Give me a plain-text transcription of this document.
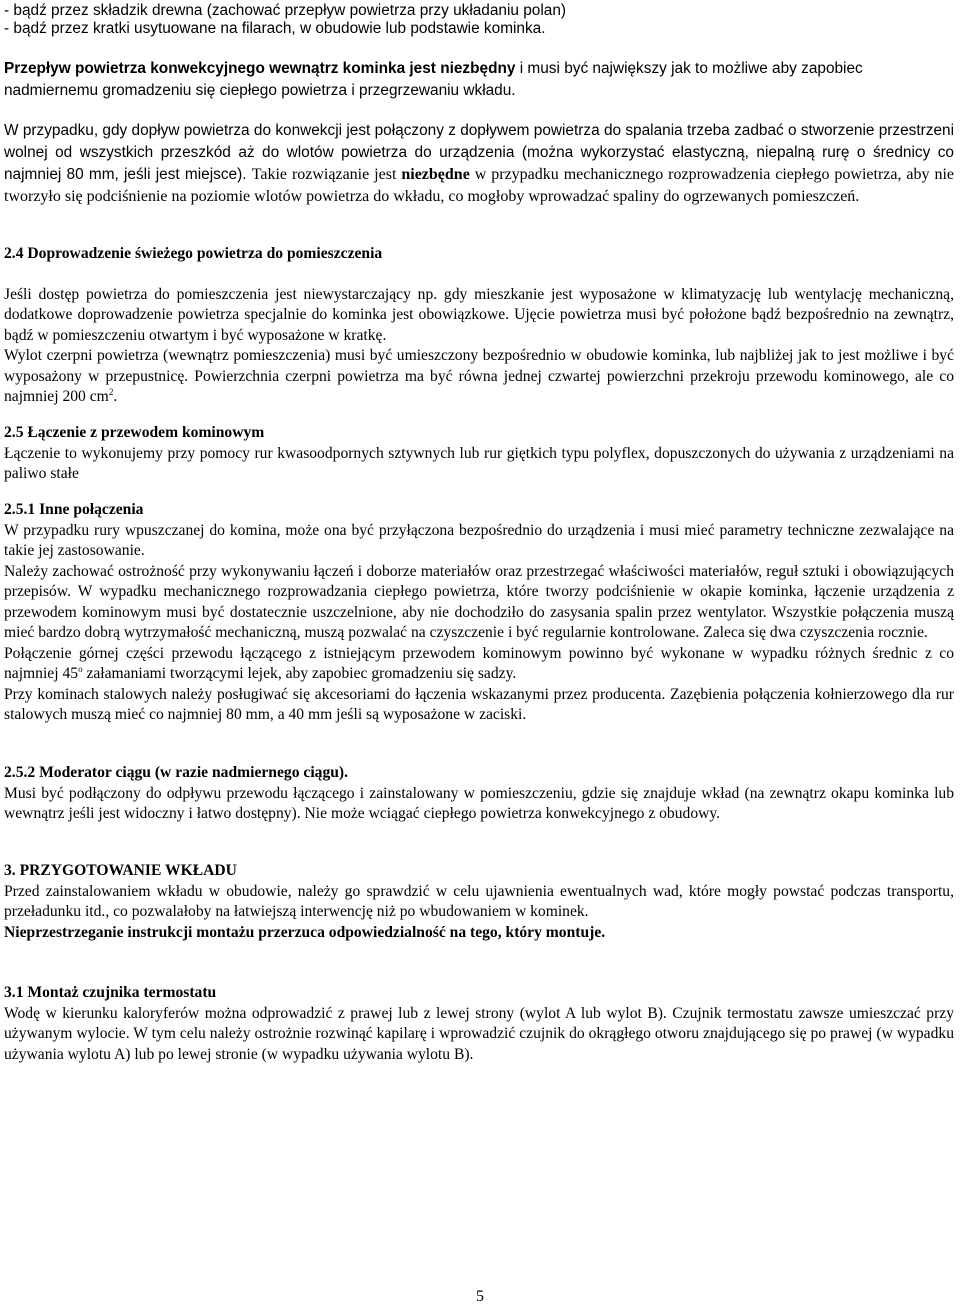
- bądź przez składzik drewna (zachować przepływ powietrza przy układaniu polan)

- bądź przez kratki usytuowane na filarach, w obudowie lub podstawie kominka.

Przepływ powietrza konwekcyjnego wewnątrz kominka jest niezbędny i musi być największy jak to możliwe aby zapobiec nadmiernemu gromadzeniu się ciepłego powietrza i przegrzewaniu wkładu.

W przypadku, gdy dopływ powietrza do konwekcji jest połączony z dopływem powietrza do spalania trzeba zadbać o stworzenie przestrzeni wolnej od wszystkich przeszkód aż do wlotów powietrza do urządzenia (można wykorzystać elastyczną, niepalną rurę o średnicy co najmniej 80 mm, jeśli jest miejsce). Takie rozwiązanie jest niezbędne w przypadku mechanicznego rozprowadzenia ciepłego powietrza, aby nie tworzyło się podciśnienie na poziomie wlotów powietrza do wkładu, co mogłoby wprowadzać spaliny do ogrzewanych pomieszczeń.

2.4 Doprowadzenie świeżego powietrza do pomieszczenia

Jeśli dostęp powietrza do pomieszczenia jest niewystarczający np. gdy mieszkanie jest wyposażone w klimatyzację lub wentylację mechaniczną, dodatkowe doprowadzenie powietrza specjalnie do kominka jest obowiązkowe. Ujęcie powietrza musi być położone bądź bezpośrednio na zewnątrz, bądź w pomieszczeniu otwartym i być wyposażone w kratkę.

Wylot czerpni powietrza (wewnątrz pomieszczenia) musi być umieszczony bezpośrednio w obudowie kominka, lub najbliżej jak to jest możliwe i być wyposażony w przepustnicę. Powierzchnia czerpni powietrza ma być równa jednej czwartej powierzchni przekroju przewodu kominowego, ale co najmniej 200 $cm^2$.

2.5 Łączenie z przewodem kominowym

Łączenie to wykonujemy przy pomocy rur kwasoodpornych sztywnych lub rur giętkich typu polyflex, dopuszczonych do używania z urządzeniami na paliwo stałe

2.5.1 Inne połączenia

W przypadku rury wpuszczanej do komina, może ona być przyłączona bezpośrednio do urządzenia i musi mieć parametry techniczne zezwalające na takie jej zastosowanie.

Należy zachować ostrożność przy wykonywaniu łączeń i doborze materiałów oraz przestrzegać właściwości materiałów, reguł sztuki i obowiązujących przepisów. W wypadku mechanicznego rozprowadzania ciepłego powietrza, które tworzy podciśnienie w okapie kominka, łączenie urządzenia z przewodem kominowym musi być dostatecznie uszczelnione, aby nie dochodziło do zasysania spalin przez wentylator. Wszystkie połączenia muszą mieć bardzo dobrą wytrzymałość mechaniczną, muszą pozwalać na czyszczenie i być regularnie kontrolowane. Zaleca się dwa czyszczenia rocznie.

Połączenie górnej części przewodu łączącego z istniejącym przewodem kominowym powinno być wykonane w wypadku różnych średnic z co najmniej 45$^o$ załamaniami tworzącymi lejek, aby zapobiec gromadzeniu się sadzy.

Przy kominach stalowych należy posługiwać się akcesoriami do łączenia wskazanymi przez producenta. Zazębienia połączenia kołnierzowego dla rur stalowych muszą mieć co najmniej 80 mm, a 40 mm jeśli są wyposażone w zaciski.

2.5.2 Moderator ciągu (w razie nadmiernego ciągu).

Musi być podłączony do odpływu przewodu łączącego i zainstalowany w pomieszczeniu, gdzie się znajduje wkład (na zewnątrz okapu kominka lub wewnątrz jeśli jest widoczny i łatwo dostępny). Nie może wciągać ciepłego powietrza konwekcyjnego z obudowy.

3. PRZYGOTOWANIE WKŁADU

Przed zainstalowaniem wkładu w obudowie, należy go sprawdzić w celu ujawnienia ewentualnych wad, które mogły powstać podczas transportu, przeładunku itd., co pozwalałoby na łatwiejszą interwencję niż po wbudowaniem w kominek.

Nieprzestrzeganie instrukcji montażu przerzuca odpowiedzialność na tego, który montuje.

3.1 Montaż czujnika termostatu

Wodę w kierunku kaloryferów można odprowadzić z prawej lub z lewej strony (wylot A lub wylot B). Czujnik termostatu zawsze umieszczać przy używanym wylocie. W tym celu należy ostrożnie rozwinąć kapilarę i wprowadzić czujnik do okrągłego otworu znajdującego się po prawej (w wypadku używania wylotu A) lub po lewej stronie (w wypadku używania wylotu B).

5
